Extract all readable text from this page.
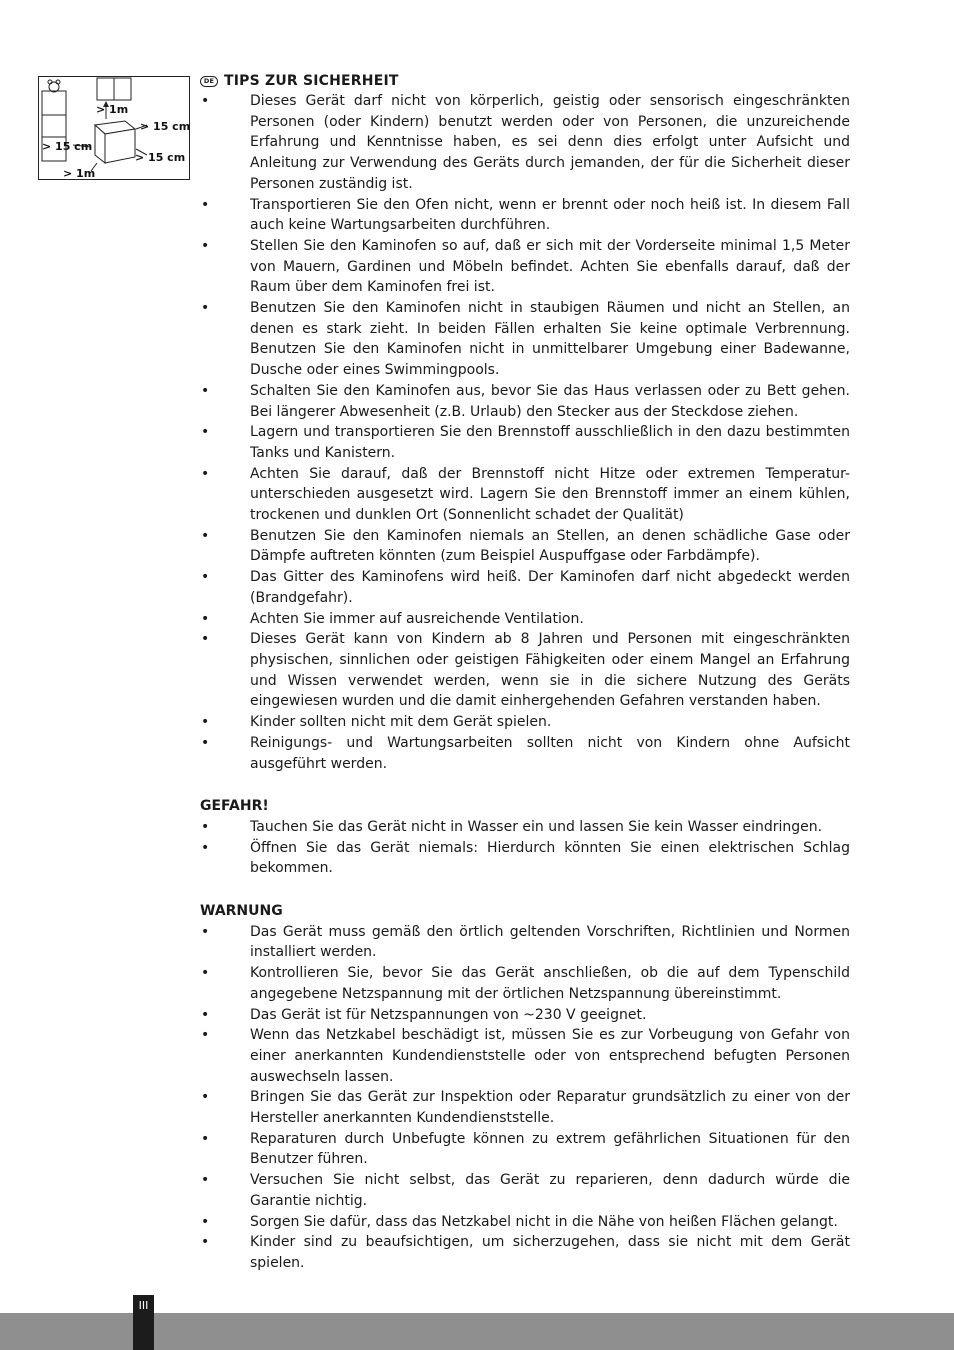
> 1m
> 15 cm
> 15 cm
> 15 cm
> 1m
DE TIPS ZUR SICHERHEIT
•	Dieses Gerät darf nicht von körperlich, geistig oder sensorisch eingeschränkten Personen (oder Kindern) benutzt werden oder von Personen, die unzureichende Erfahrung und Kenntnisse haben, es sei denn dies erfolgt unter Aufsicht und Anleitung zur Verwendung des Geräts durch jemanden, der für die Sicherheit dieser Personen zuständig ist.
•	Transportieren Sie den Ofen nicht, wenn er brennt oder noch heiß ist. In diesem Fall auch keine Wartungsarbeiten durchführen.
•	Stellen Sie den Kaminofen so auf, daß er sich mit der Vorderseite minimal 1,5 Meter von Mauern, Gardinen und Möbeln befindet. Achten Sie ebenfalls darauf, daß der Raum über dem Kaminofen frei ist.
•	Benutzen Sie den Kaminofen nicht in staubigen Räumen und nicht an Stellen, an denen es stark zieht. In beiden Fällen erhalten Sie keine optimale Verbrennung. Benutzen Sie den Kaminofen nicht in unmittelbarer Umgebung einer Badewanne, Dusche oder eines Swimmingpools.
•	Schalten Sie den Kaminofen aus, bevor Sie das Haus verlassen oder zu Bett gehen. Bei längerer Abwesenheit (z.B. Urlaub) den Stecker aus der Steckdose ziehen.
•	Lagern und transportieren Sie den Brennstoff ausschließlich in den dazu bestimmten Tanks und Kanistern.
•	Achten Sie darauf, daß der Brennstoff nicht Hitze oder extremen Temperatur-unterschieden ausgesetzt wird. Lagern Sie den Brennstoff immer an einem kühlen, trockenen und dunklen Ort (Sonnenlicht schadet der Qualität)
•	Benutzen Sie den Kaminofen niemals an Stellen, an denen schädliche Gase oder Dämpfe auftreten könnten (zum Beispiel Auspuffgase oder Farbdämpfe).
•	Das Gitter des Kaminofens wird heiß. Der Kaminofen darf nicht abgedeckt werden (Brandgefahr).
•	Achten Sie immer auf ausreichende Ventilation.
•	Dieses Gerät kann von Kindern ab 8 Jahren und Personen mit eingeschränkten physischen, sinnlichen oder geistigen Fähigkeiten oder einem Mangel an Erfahrung und Wissen verwendet werden, wenn sie in die sichere Nutzung des Geräts eingewiesen wurden und die damit einhergehenden Gefahren verstanden haben.
•	Kinder sollten nicht mit dem Gerät spielen.
•	Reinigungs- und Wartungsarbeiten sollten nicht von Kindern ohne Aufsicht ausgeführt werden.
GEFAHR!
•	Tauchen Sie das Gerät nicht in Wasser ein und lassen Sie kein Wasser eindringen.
•	Öffnen Sie das Gerät niemals: Hierdurch könnten Sie einen elektrischen Schlag bekommen.
WARNUNG
•	Das Gerät muss gemäß den örtlich geltenden Vorschriften, Richtlinien und Normen installiert werden.
•	Kontrollieren Sie, bevor Sie das Gerät anschließen, ob die auf dem Typenschild angegebene Netzspannung mit der örtlichen Netzspannung übereinstimmt.
•	Das Gerät ist für Netzspannungen von ~230 V geeignet.
•	Wenn das Netzkabel beschädigt ist, müssen Sie es zur Vorbeugung von Gefahr von einer anerkannten Kundendienststelle oder von entsprechend befugten Personen auswechseln lassen.
•	Bringen Sie das Gerät zur Inspektion oder Reparatur grundsätzlich zu einer von der Hersteller anerkannten Kundendienststelle.
•	Reparaturen durch Unbefugte können zu extrem gefährlichen Situationen für den Benutzer führen.
•	Versuchen Sie nicht selbst, das Gerät zu reparieren, denn dadurch würde die Garantie nichtig.
•	Sorgen Sie dafür, dass das Netzkabel nicht in die Nähe von heißen Flächen gelangt.
•	Kinder sind zu beaufsichtigen, um sicherzugehen, dass sie nicht mit dem Gerät spielen.
III
